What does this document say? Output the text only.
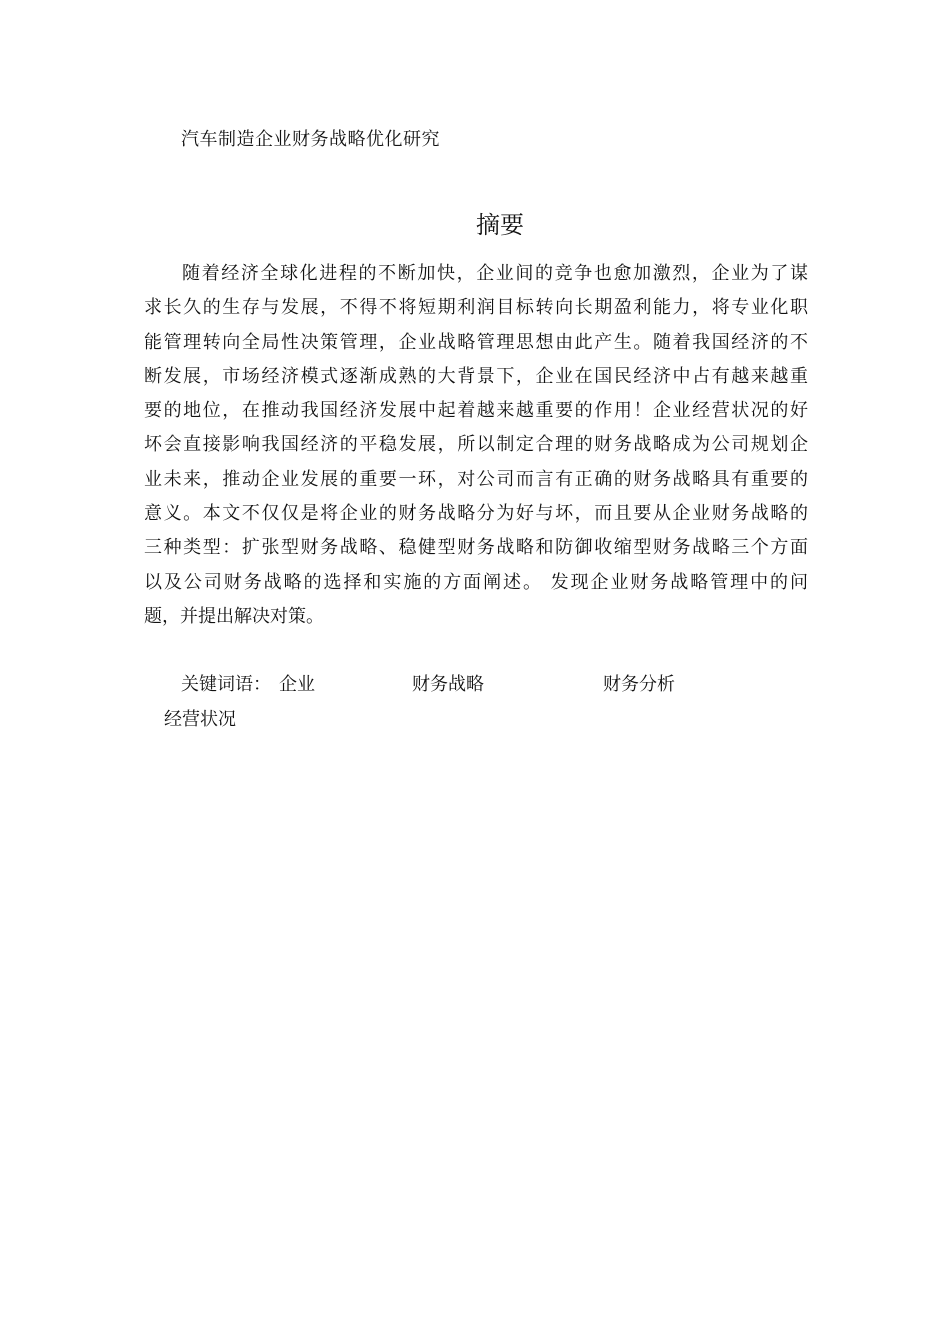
汽车制造企业财务战略优化研究
摘要
随着经济全球化进程的不断加快，企业间的竞争也愈加激烈，企业为了谋
求长久的生存与发展，不得不将短期利润目标转向长期盈利能力，将专业化职
能管理转向全局性决策管理，企业战略管理思想由此产生。随着我国经济的不
断发展，市场经济模式逐渐成熟的大背景下，企业在国民经济中占有越来越重
要的地位，在推动我国经济发展中起着越来越重要的作用！企业经营状况的好
坏会直接影响我国经济的平稳发展，所以制定合理的财务战略成为公司规划企
业未来，推动企业发展的重要一环，对公司而言有正确的财务战略具有重要的
意义。本文不仅仅是将企业的财务战略分为好与坏，而且要从企业财务战略的
三种类型：扩张型财务战略、稳健型财务战略和防御收缩型财务战略三个方面
以及公司财务战略的选择和实施的方面阐述。 发现企业财务战略管理中的问
题，并提出解决对策。
关键词语： 企业	财务战略	财务分析
经营状况
